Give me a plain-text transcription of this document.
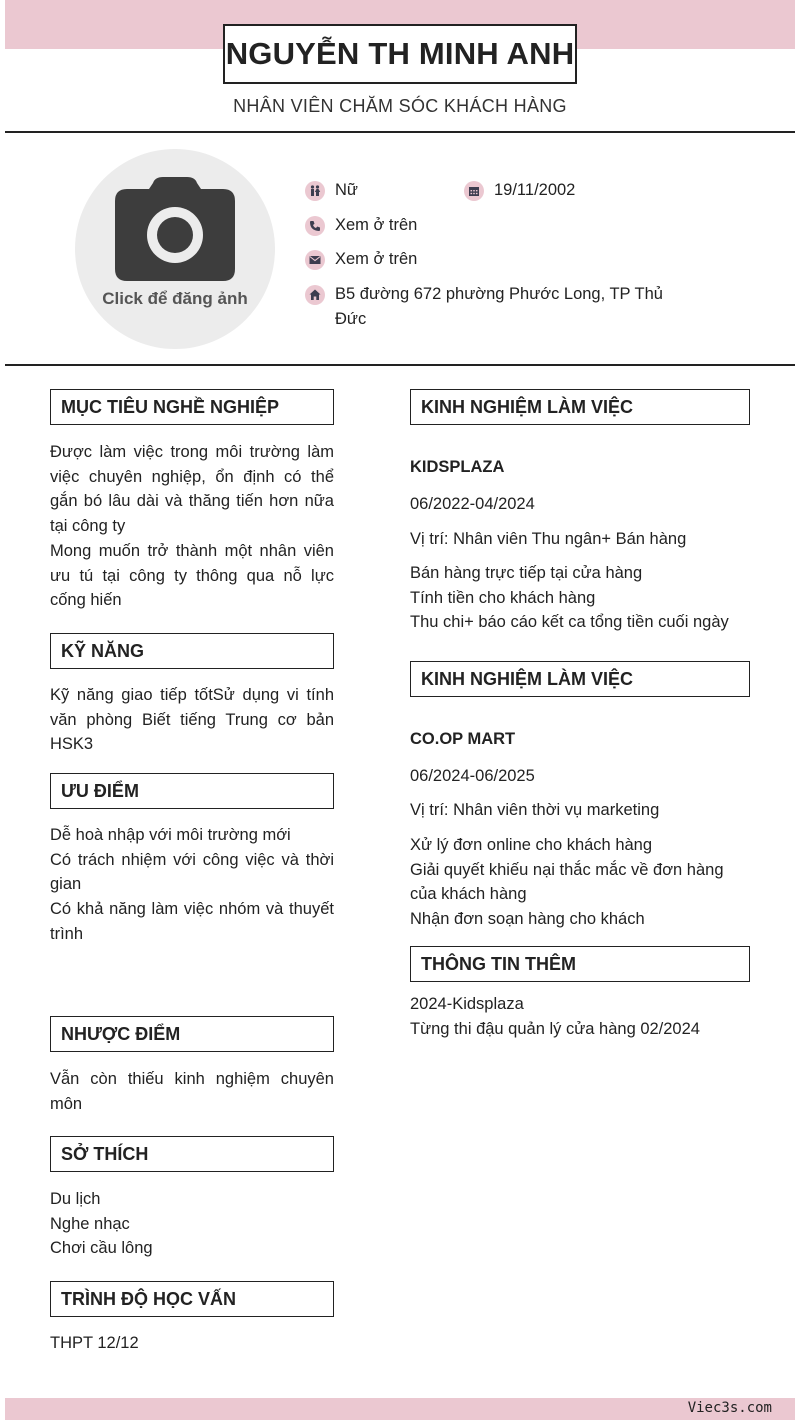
NGUYỄN TH MINH ANH
NHÂN VIÊN CHĂM SÓC KHÁCH HÀNG
Click để đăng ảnh
Nữ	19/11/2002
Xem ở trên
Xem ở trên
B5 đường 672 phường Phước Long, TP Thủ Đức
MỤC TIÊU NGHỀ NGHIỆP
Được làm việc trong môi trường làm việc chuyên nghiệp, ổn định có thể gắn bó lâu dài và thăng tiến hơn nữa tại công ty
Mong muốn trở thành một nhân viên ưu tú tại công ty thông qua nỗ lực cống hiến
KỸ NĂNG
Kỹ năng giao tiếp tốtSử dụng vi tính văn phòng Biết tiếng Trung cơ bản HSK3
ƯU ĐIỂM
Dễ hoà nhập với môi trường mới
Có trách nhiệm với công việc và thời gian
Có khả năng làm việc nhóm và thuyết trình
NHƯỢC ĐIỂM
Vẫn còn thiếu kinh nghiệm chuyên môn
SỞ THÍCH
Du lịch
Nghe nhạc
Chơi cầu lông
TRÌNH ĐỘ HỌC VẤN
THPT 12/12
KINH NGHIỆM LÀM VIỆC
KIDSPLAZA
06/2022-04/2024
Vị trí: Nhân viên Thu ngân+ Bán hàng
Bán hàng trực tiếp tại cửa hàng
Tính tiền cho khách hàng
Thu chi+ báo cáo kết ca tổng tiền cuối ngày
KINH NGHIỆM LÀM VIỆC
CO.OP MART
06/2024-06/2025
Vị trí: Nhân viên thời vụ marketing
Xử lý đơn online cho khách hàng
Giải quyết khiếu nại thắc mắc về đơn hàng của khách hàng
Nhận đơn soạn hàng cho khách
THÔNG TIN THÊM
2024-Kidsplaza
Từng thi đậu quản lý cửa hàng 02/2024
Viec3s.com
